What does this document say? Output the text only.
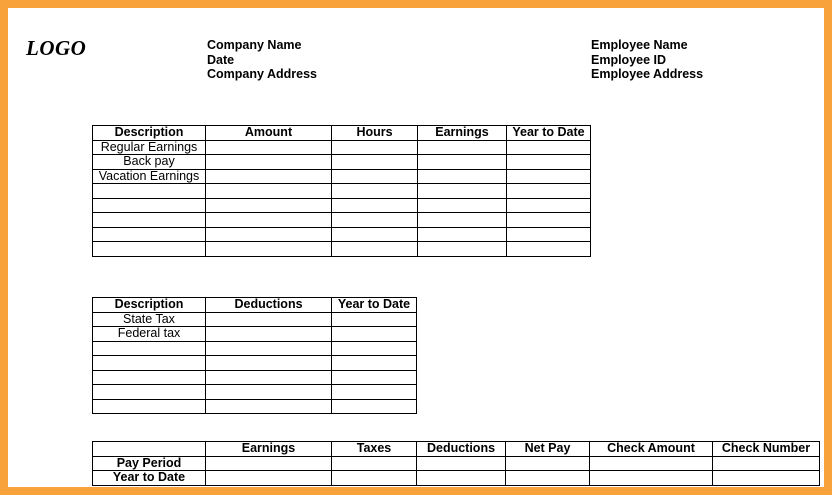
LOGO	Company Name
Date
Company Address
Employee Name
Employee ID
Employee Address
Description	Amount	Hours	Earnings	Year to Date
Regular Earnings				
Back pay				
Vacation Earnings				

Description	Deductions	Year to Date
State Tax		
Federal tax		

	Earnings	Taxes	Deductions	Net Pay	Check Amount	Check Number
Pay Period						
Year to Date						
